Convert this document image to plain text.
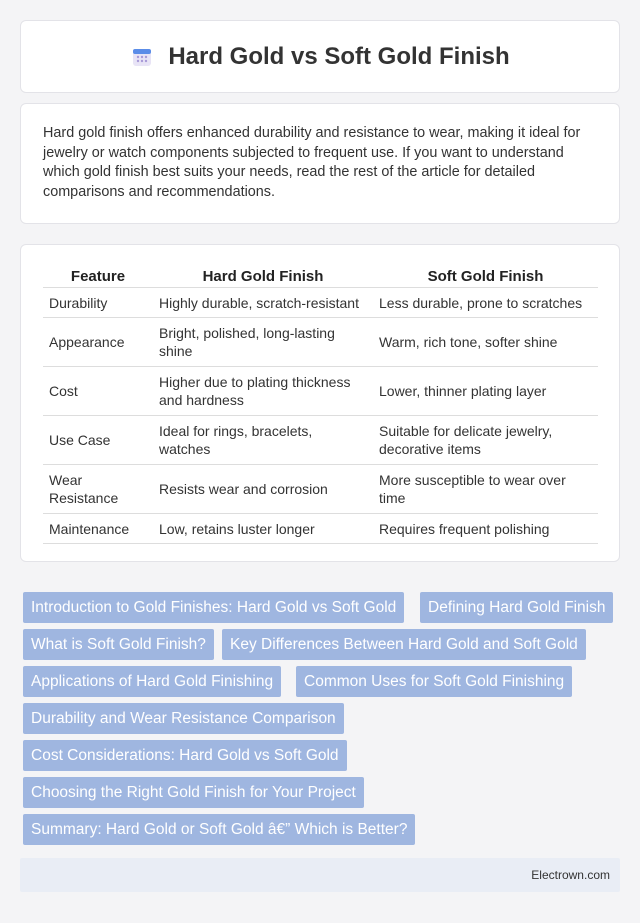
Hard Gold vs Soft Gold Finish

Hard gold finish offers enhanced durability and resistance to wear, making it ideal for jewelry or watch components subjected to frequent use. If you want to understand which gold finish best suits your needs, read the rest of the article for detailed comparisons and recommendations.

Feature	Hard Gold Finish	Soft Gold Finish
Durability	Highly durable, scratch-resistant	Less durable, prone to scratches
Appearance	Bright, polished, long-lasting shine	Warm, rich tone, softer shine
Cost	Higher due to plating thickness and hardness	Lower, thinner plating layer
Use Case	Ideal for rings, bracelets, watches	Suitable for delicate jewelry, decorative items
Wear Resistance	Resists wear and corrosion	More susceptible to wear over time
Maintenance	Low, retains luster longer	Requires frequent polishing
Introduction to Gold Finishes: Hard Gold vs Soft Gold	Defining Hard Gold Finish
What is Soft Gold Finish?	Key Differences Between Hard Gold and Soft Gold
Applications of Hard Gold Finishing	Common Uses for Soft Gold Finishing
Durability and Wear Resistance Comparison
Cost Considerations: Hard Gold vs Soft Gold
Choosing the Right Gold Finish for Your Project
Summary: Hard Gold or Soft Gold â€” Which is Better?
Electrown.com
